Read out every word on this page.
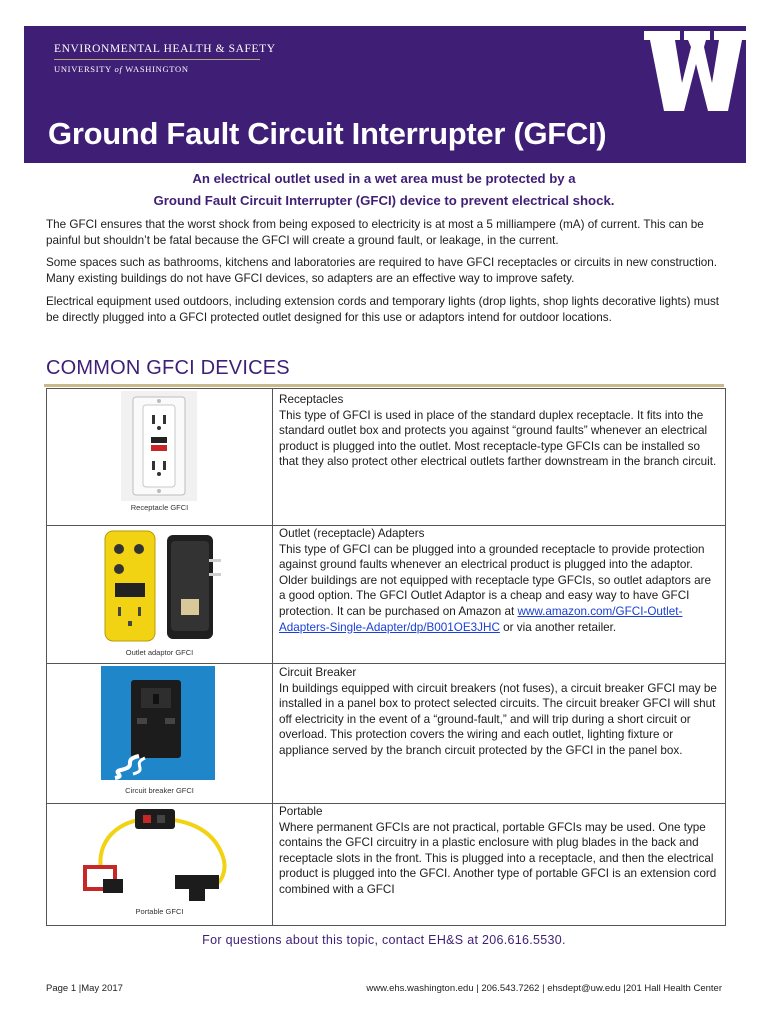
ENVIRONMENTAL HEALTH & SAFETY
UNIVERSITY of WASHINGTON
Ground Fault Circuit Interrupter (GFCI)
An electrical outlet used in a wet area must be protected by a
Ground Fault Circuit Interrupter (GFCI) device to prevent electrical shock.

The GFCI ensures that the worst shock from being exposed to electricity is at most a 5 milliampere (mA) of current. This can be painful but shouldn’t be fatal because the GFCI will create a ground fault, or leakage, in the current.

Some spaces such as bathrooms, kitchens and laboratories are required to have GFCI receptacles or circuits in new construction. Many existing buildings do not have GFCI devices, so adapters are an effective way to improve safety.

Electrical equipment used outdoors, including extension cords and temporary lights (drop lights, shop lights decorative lights) must be directly plugged into a GFCI protected outlet designed for this use or adaptors intend for outdoor locations.

COMMON GFCI DEVICES
Receptacle GFCI
Receptacles
This type of GFCI is used in place of the standard duplex receptacle. It fits into the standard outlet box and protects you against “ground faults” whenever an electrical product is plugged into the outlet. Most receptacle-type GFCIs can be installed so that they also protect other electrical outlets farther downstream in the branch circuit.
Outlet adaptor GFCI
Outlet (receptacle) Adapters
This type of GFCI can be plugged into a grounded receptacle to provide protection against ground faults whenever an electrical product is plugged into the adaptor. Older buildings are not equipped with receptacle type GFCIs, so outlet adaptors are a good option. The GFCI Outlet Adaptor is a cheap and easy way to have GFCI protection. It can be purchased on Amazon at www.amazon.com/GFCI-Outlet-Adapters-Single-Adapter/dp/B001OE3JHC or via another retailer.
Circuit breaker GFCI
Circuit Breaker
In buildings equipped with circuit breakers (not fuses), a circuit breaker GFCI may be installed in a panel box to protect selected circuits. The circuit breaker GFCI will shut off electricity in the event of a “ground-fault,” and will trip during a short circuit or overload. This protection covers the wiring and each outlet, lighting fixture or appliance served by the branch circuit protected by the GFCI in the panel box.
Portable GFCI
Portable
Where permanent GFCIs are not practical, portable GFCIs may be used. One type contains the GFCI circuitry in a plastic enclosure with plug blades in the back and receptacle slots in the front. This is plugged into a receptacle, and then the electrical product is plugged into the GFCI. Another type of portable GFCI is an extension cord combined with a GFCI
For questions about this topic, contact EH&S at 206.616.5530.
Page 1 |May 2017	www.ehs.washington.edu | 206.543.7262 | ehsdept@uw.edu |201 Hall Health Center
